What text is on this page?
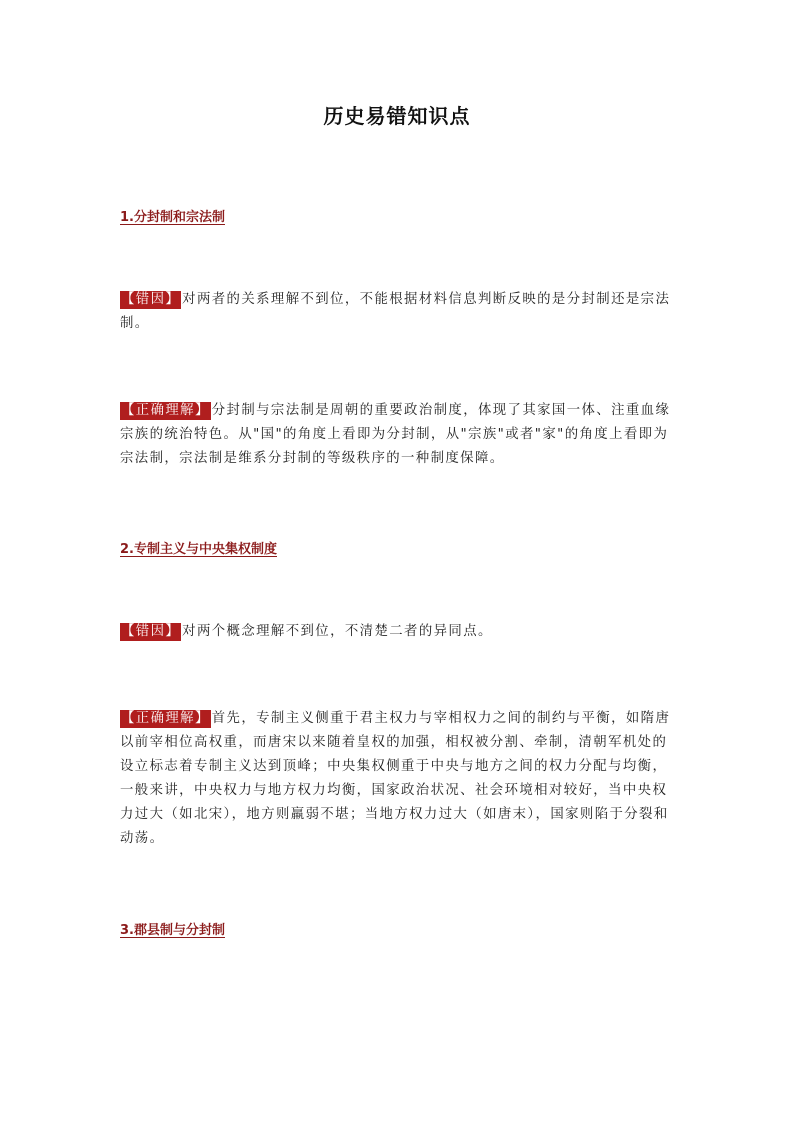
历史易错知识点
1.分封制和宗法制

【错因】 对两者的关系理解不到位，不能根据材料信息判断反映的是分封制还是宗法制。

【正确理解】 分封制与宗法制是周朝的重要政治制度，体现了其家国一体、注重血缘宗族的统治特色。从"国"的角度上看即为分封制，从"宗族"或者"家"的角度上看即为宗法制，宗法制是维系分封制的等级秩序的一种制度保障。

2.专制主义与中央集权制度

【错因】 对两个概念理解不到位，不清楚二者的异同点。

【正确理解】 首先，专制主义侧重于君主权力与宰相权力之间的制约与平衡，如隋唐以前宰相位高权重，而唐宋以来随着皇权的加强，相权被分割、牵制，清朝军机处的设立标志着专制主义达到顶峰；中央集权侧重于中央与地方之间的权力分配与均衡，一般来讲，中央权力与地方权力均衡，国家政治状况、社会环境相对较好，当中央权力过大（如北宋），地方则羸弱不堪；当地方权力过大（如唐末），国家则陷于分裂和动荡。

3.郡县制与分封制
